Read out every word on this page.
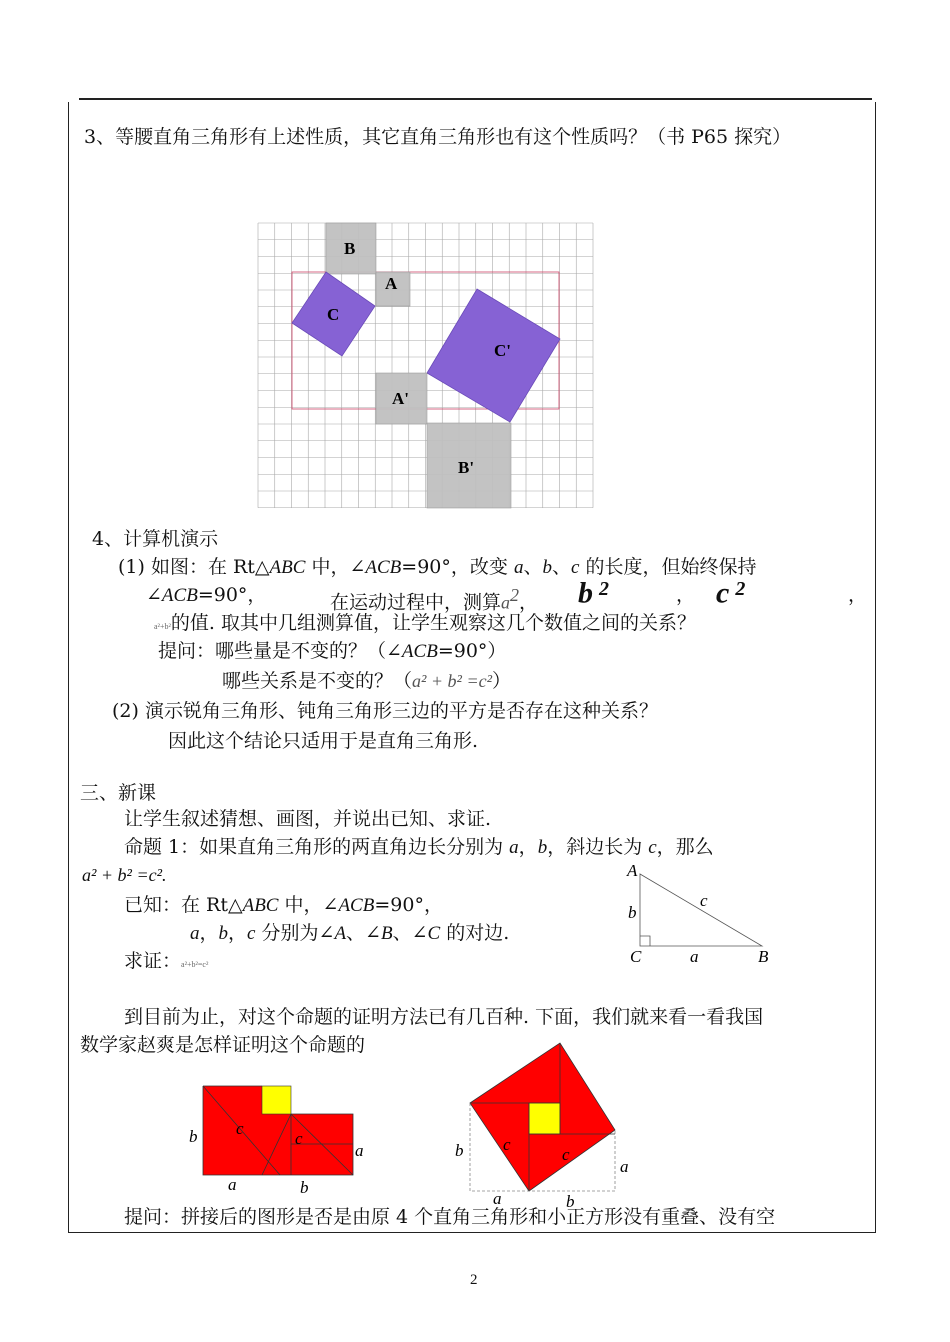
3、等腰直角三角形有上述性质，其它直角三角形也有这个性质吗？（书 P65 探究）
B
A
C
C'
A'
B'
4、计算机演示
(1) 如图：在 Rt△ABC 中，∠ACB=90°，改变 a、b、c 的长度，但始终保持
∠ACB=90°，	在运动过程中，测算$a^2$， $b^2$	， $c^2$	，
a²+b²的值. 取其中几组测算值，让学生观察这几个数值之间的关系？
提问：哪些量是不变的？（∠ACB=90°）
哪些关系是不变的？（a² + b² =c²）
(2) 演示锐角三角形、钝角三角形三边的平方是否存在这种关系？
因此这个结论只适用于是直角三角形.
三、新课
让学生叙述猜想、画图，并说出已知、求证.
命题 1：如果直角三角形的两直角边长分别为 a，b，斜边长为 c，那么
a² + b² =c².
已知：在 Rt△ABC 中，∠ACB=90°，
a，b，c 分别为∠A、∠B、∠C 的对边.
求证：a²+b²=c²
A
b
c
C	a	B
到目前为止，对这个命题的证明方法已有几百种. 下面，我们就来看一看我国
数学家赵爽是怎样证明这个命题的
b c
c
a
a	b
b c
c
a
a	b
提问：拼接后的图形是否是由原 4 个直角三角形和小正方形没有重叠、没有空
2
